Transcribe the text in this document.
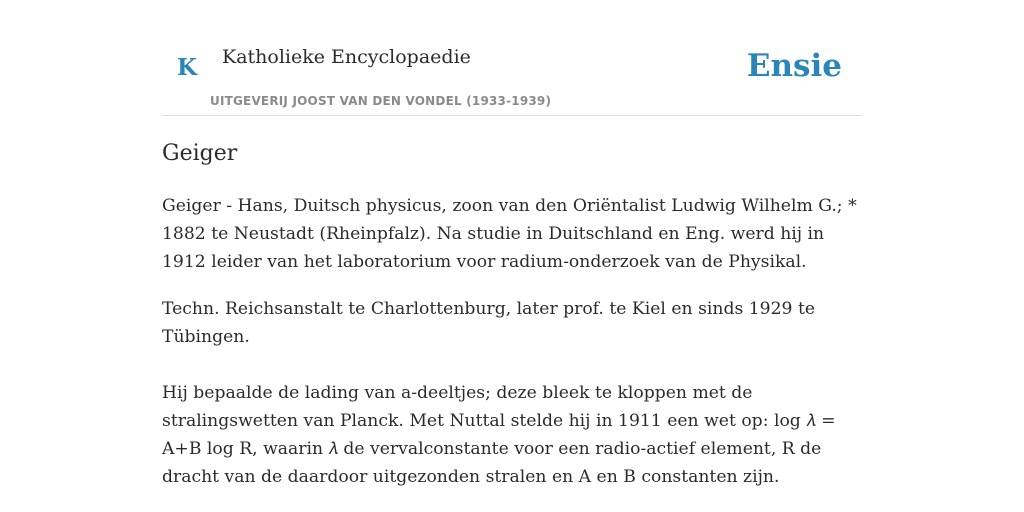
K Katholieke Encyclopaedie
UITGEVERIJ JOOST VAN DEN VONDEL (1933-1939)
Ensie
Geiger

Geiger - Hans, Duitsch physicus, zoon van den Oriëntalist Ludwig Wilhelm G.; * 1882 te Neustadt (Rheinpfalz). Na studie in Duitschland en Eng. werd hij in 1912 leider van het laboratorium voor radium-onderzoek van de Physikal.

Techn. Reichsanstalt te Charlottenburg, later prof. te Kiel en sinds 1929 te Tübingen.

Hij bepaalde de lading van a-deeltjes; deze bleek te kloppen met de stralingswetten van Planck. Met Nuttal stelde hij in 1911 een wet op: log 𝜆 = A+B log R, waarin 𝜆 de vervalconstante voor een radio-actief element, R de dracht van de daardoor uitgezonden stralen en A en B constanten zijn.
